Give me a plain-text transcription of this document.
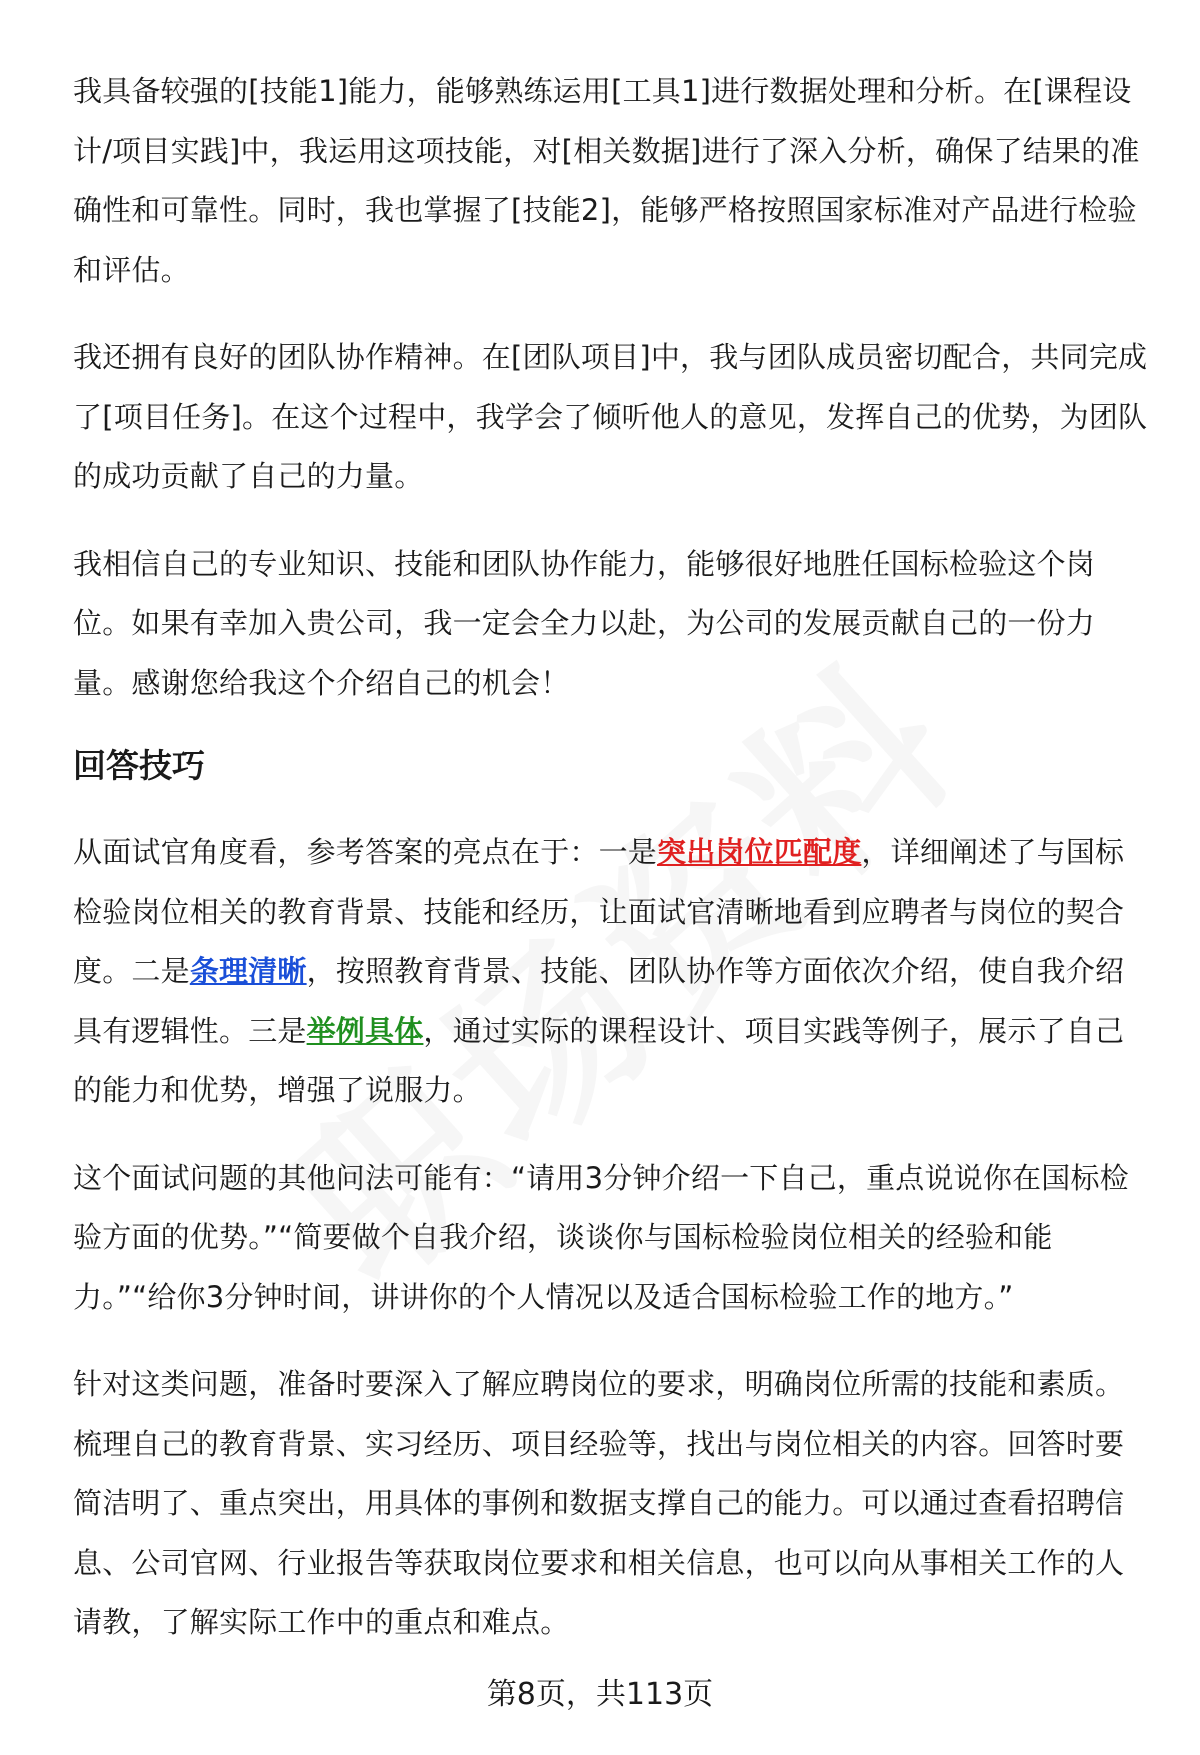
我具备较强的[技能1]能力，能够熟练运用[工具1]进行数据处理和分析。在[课程设计/项目实践]中，我运用这项技能，对[相关数据]进行了深入分析，确保了结果的准确性和可靠性。同时，我也掌握了[技能2]，能够严格按照国家标准对产品进行检验和评估。

我还拥有良好的团队协作精神。在[团队项目]中，我与团队成员密切配合，共同完成了[项目任务]。在这个过程中，我学会了倾听他人的意见，发挥自己的优势，为团队的成功贡献了自己的力量。

我相信自己的专业知识、技能和团队协作能力，能够很好地胜任国标检验这个岗位。如果有幸加入贵公司，我一定会全力以赴，为公司的发展贡献自己的一份力量。感谢您给我这个介绍自己的机会！

回答技巧

从面试官角度看，参考答案的亮点在于：一是突出岗位匹配度，详细阐述了与国标检验岗位相关的教育背景、技能和经历，让面试官清晰地看到应聘者与岗位的契合度。二是条理清晰，按照教育背景、技能、团队协作等方面依次介绍，使自我介绍具有逻辑性。三是举例具体，通过实际的课程设计、项目实践等例子，展示了自己的能力和优势，增强了说服力。

这个面试问题的其他问法可能有：“请用3分钟介绍一下自己，重点说说你在国标检验方面的优势。”“简要做个自我介绍，谈谈你与国标检验岗位相关的经验和能力。”“给你3分钟时间，讲讲你的个人情况以及适合国标检验工作的地方。”

针对这类问题，准备时要深入了解应聘岗位的要求，明确岗位所需的技能和素质。梳理自己的教育背景、实习经历、项目经验等，找出与岗位相关的内容。回答时要简洁明了、重点突出，用具体的事例和数据支撑自己的能力。可以通过查看招聘信息、公司官网、行业报告等获取岗位要求和相关信息，也可以向从事相关工作的人请教，了解实际工作中的重点和难点。

第8页，共113页
